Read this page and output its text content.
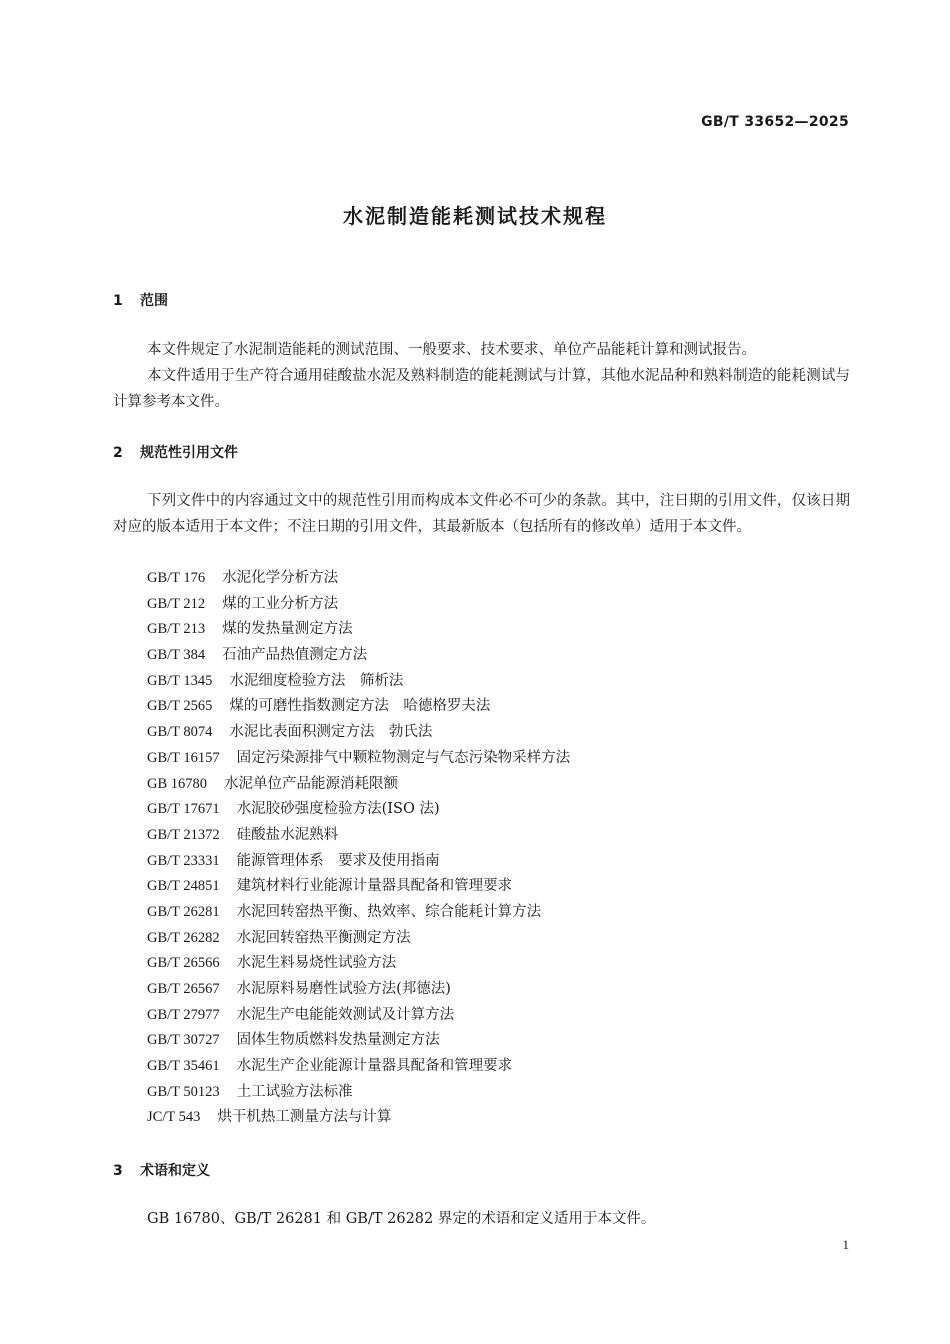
GB/T 33652—2025
水泥制造能耗测试技术规程
1 范围

本文件规定了水泥制造能耗的测试范围、一般要求、技术要求、单位产品能耗计算和测试报告。

本文件适用于生产符合通用硅酸盐水泥及熟料制造的能耗测试与计算，其他水泥品种和熟料制造的能耗测试与计算参考本文件。

2 规范性引用文件

下列文件中的内容通过文中的规范性引用而构成本文件必不可少的条款。其中，注日期的引用文件，仅该日期对应的版本适用于本文件；不注日期的引用文件，其最新版本（包括所有的修改单）适用于本文件。

GB/T 176 水泥化学分析方法
GB/T 212 煤的工业分析方法
GB/T 213 煤的发热量测定方法
GB/T 384 石油产品热值测定方法
GB/T 1345 水泥细度检验方法　筛析法
GB/T 2565 煤的可磨性指数测定方法　哈德格罗夫法
GB/T 8074 水泥比表面积测定方法　勃氏法
GB/T 16157 固定污染源排气中颗粒物测定与气态污染物采样方法
GB 16780 水泥单位产品能源消耗限额
GB/T 17671 水泥胶砂强度检验方法(ISO 法)
GB/T 21372 硅酸盐水泥熟料
GB/T 23331 能源管理体系　要求及使用指南
GB/T 24851 建筑材料行业能源计量器具配备和管理要求
GB/T 26281 水泥回转窑热平衡、热效率、综合能耗计算方法
GB/T 26282 水泥回转窑热平衡测定方法
GB/T 26566 水泥生料易烧性试验方法
GB/T 26567 水泥原料易磨性试验方法(邦德法)
GB/T 27977 水泥生产电能能效测试及计算方法
GB/T 30727 固体生物质燃料发热量测定方法
GB/T 35461 水泥生产企业能源计量器具配备和管理要求
GB/T 50123 土工试验方法标准
JC/T 543 烘干机热工测量方法与计算
3 术语和定义

GB 16780、GB/T 26281 和 GB/T 26282 界定的术语和定义适用于本文件。

1
